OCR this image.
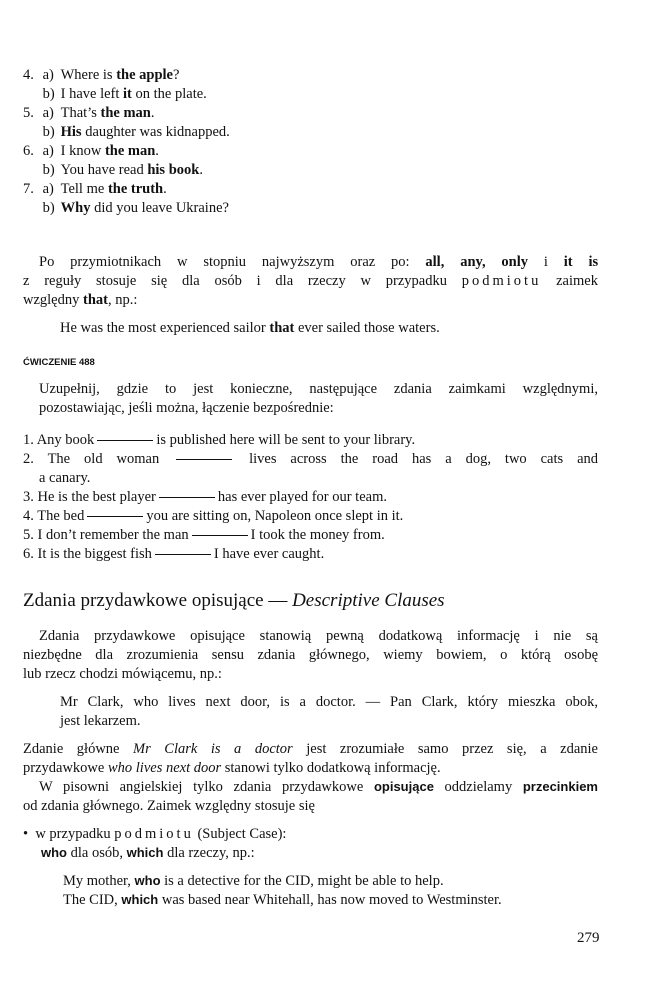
4. a) Where is the apple?
b) I have left it on the plate.
5. a) That’s the man.
b) His daughter was kidnapped.
6. a) I know the man.
b) You have read his book.
7. a) Tell me the truth.
b) Why did you leave Ukraine?
Po przymiotnikach w stopniu najwyższym oraz po: all, any, only i it is
z reguły stosuje się dla osób i dla rzeczy w przypadku podmiotu zaimek
względny that, np.:
He was the most experienced sailor that ever sailed those waters.
ĆWICZENIE 488
Uzupełnij, gdzie to jest konieczne, następujące zdania zaimkami względnymi,
pozostawiając, jeśli można, łączenie bezpośrednie:
1. Any book	is published here will be sent to your library.
2. The old woman	lives across the road has a dog, two cats and
a canary.
3. He is the best player	has ever played for our team.
4. The bed	you are sitting on, Napoleon once slept in it.
5. I don’t remember the man	I took the money from.
6. It is the biggest fish	I have ever caught.
Zdania przydawkowe opisujące — Descriptive Clauses
Zdania przydawkowe opisujące stanowią pewną dodatkową informację i nie są
niezbędne dla zrozumienia sensu zdania głównego, wiemy bowiem, o którą osobę
lub rzecz chodzi mówiącemu, np.:
Mr Clark, who lives next door, is a doctor. — Pan Clark, który mieszka obok,
jest lekarzem.
Zdanie główne Mr Clark is a doctor jest zrozumiałe samo przez się, a zdanie
przydawkowe who lives next door stanowi tylko dodatkową informację.
W pisowni angielskiej tylko zdania przydawkowe opisujące oddzielamy przecinkiem
od zdania głównego. Zaimek względny stosuje się
• w przypadku podmiotu (Subject Case):
who dla osób, which dla rzeczy, np.:
My mother, who is a detective for the CID, might be able to help.
The CID, which was based near Whitehall, has now moved to Westminster.
279
